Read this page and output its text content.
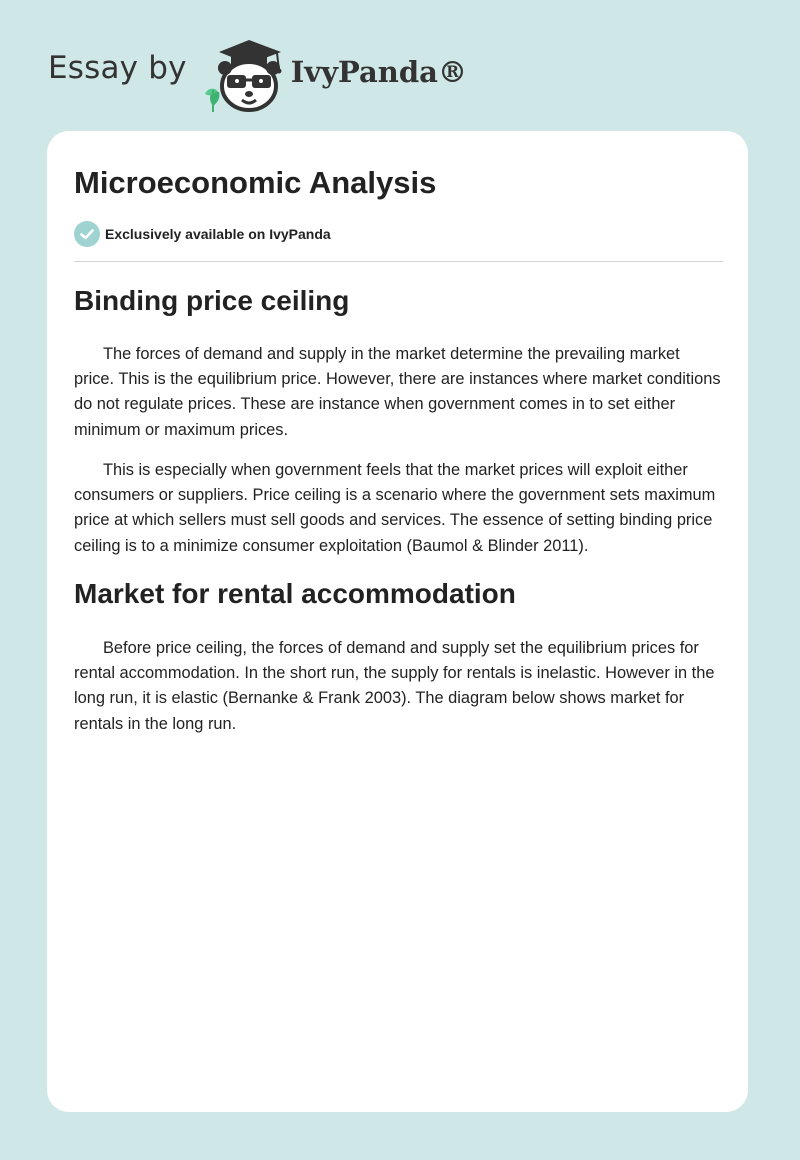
Essay by	IvyPanda®
Microeconomic Analysis
Exclusively available on IvyPanda
Binding price ceiling

The forces of demand and supply in the market determine the prevailing market price. This is the equilibrium price. However, there are instances where market conditions do not regulate prices. These are instance when government comes in to set either minimum or maximum prices.

This is especially when government feels that the market prices will exploit either consumers or suppliers. Price ceiling is a scenario where the government sets maximum price at which sellers must sell goods and services. The essence of setting binding price ceiling is to a minimize consumer exploitation (Baumol & Blinder 2011).

Market for rental accommodation

Before price ceiling, the forces of demand and supply set the equilibrium prices for rental accommodation. In the short run, the supply for rentals is inelastic. However in the long run, it is elastic (Bernanke & Frank 2003). The diagram below shows market for rentals in the long run.
